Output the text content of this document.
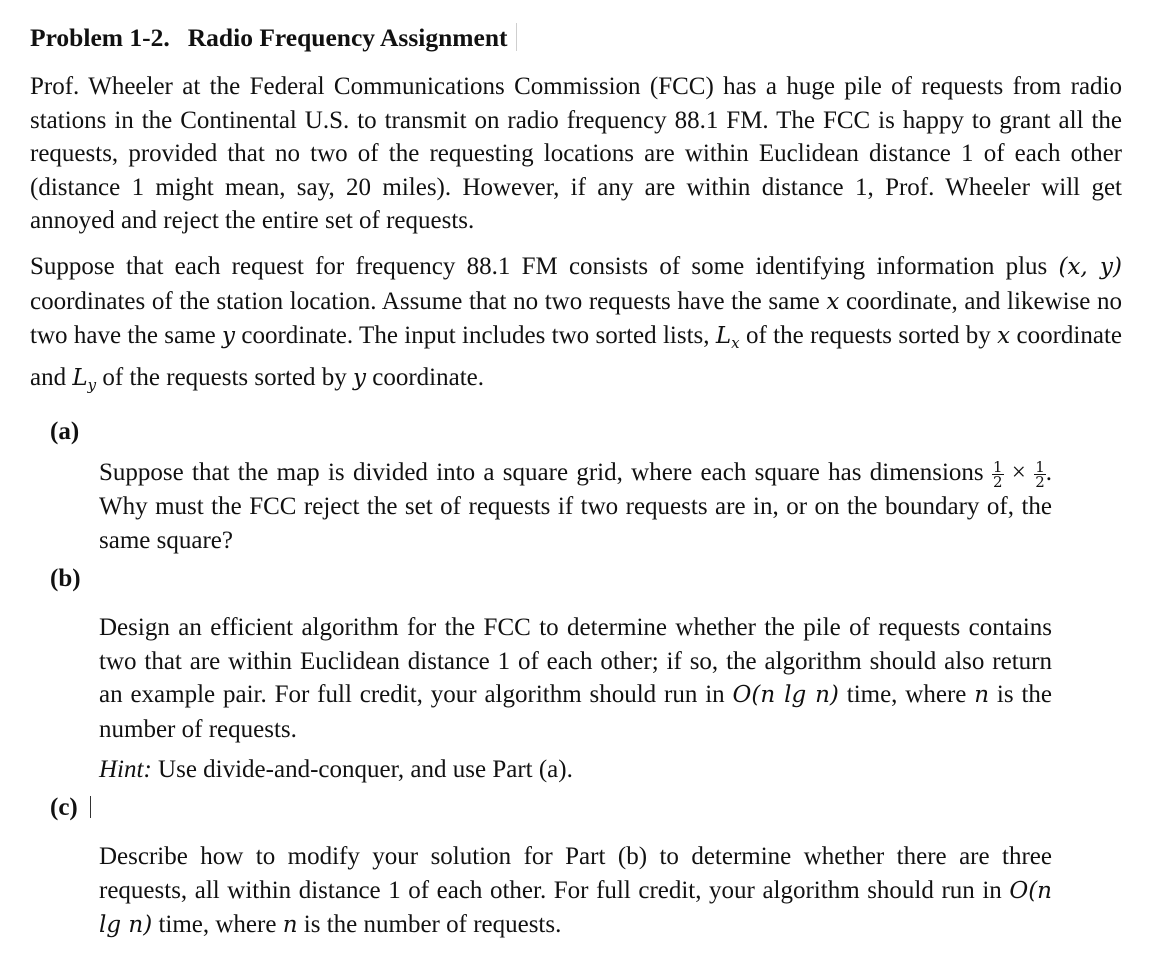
Problem 1-2. Radio Frequency Assignment

Prof. Wheeler at the Federal Communications Commission (FCC) has a huge pile of requests from radio stations in the Continental U.S. to transmit on radio frequency 88.1 FM. The FCC is happy to grant all the requests, provided that no two of the requesting locations are within Euclidean distance 1 of each other (distance 1 might mean, say, 20 miles). However, if any are within distance 1, Prof. Wheeler will get annoyed and reject the entire set of requests.

Suppose that each request for frequency 88.1 FM consists of some identifying information plus (x, y) coordinates of the station location. Assume that no two requests have the same x coordinate, and likewise no two have the same y coordinate. The input includes two sorted lists, $L_x$ of the requests sorted by x coordinate and $L_y$ of the requests sorted by y coordinate.

(a)
Suppose that the map is divided into a square grid, where each square has dimensions $\frac{1}{2} \times \frac{1}{2}$ . Why must the FCC reject the set of requests if two requests are in, or on the boundary of, the same square?
(b)
Design an efficient algorithm for the FCC to determine whether the pile of requests contains two that are within Euclidean distance 1 of each other; if so, the algorithm should also return an example pair. For full credit, your algorithm should run in O(n lg n) time, where n is the number of requests.
Hint: Use divide-and-conquer, and use Part (a).
(c)
Describe how to modify your solution for Part (b) to determine whether there are three requests, all within distance 1 of each other. For full credit, your algorithm should run in O(n lg n) time, where n is the number of requests.
